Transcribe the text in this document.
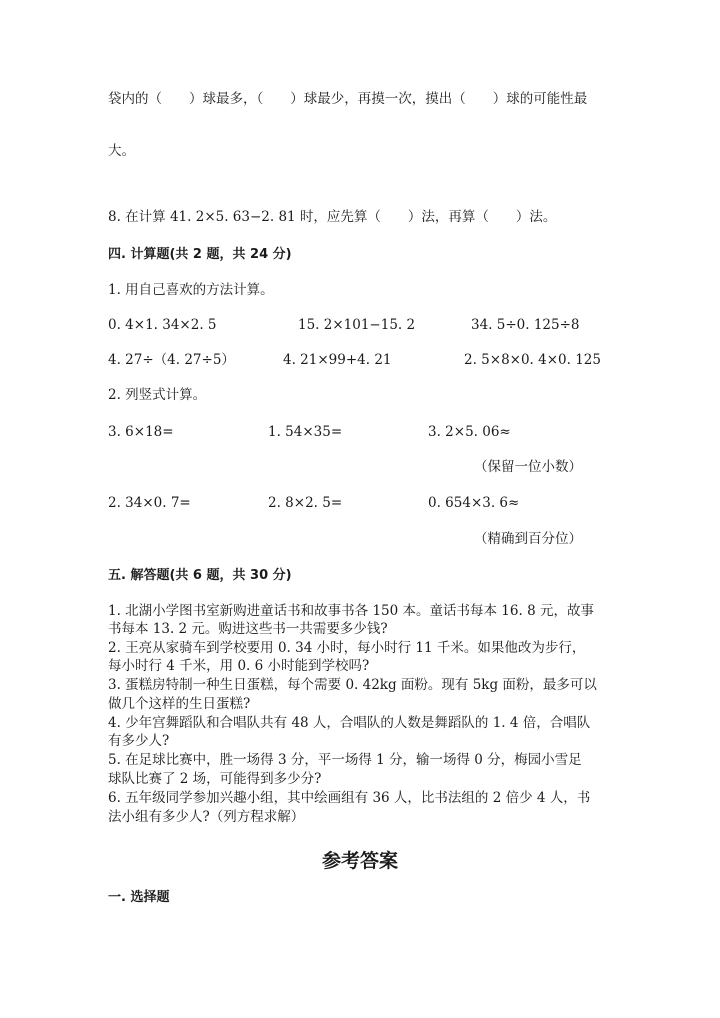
袋内的（　　）球最多，（　　）球最少，再摸一次，摸出（　　）球的可能性最
大。
8. 在计算 41. 2×5. 63−2. 81 时，应先算（　　）法，再算（　　）法。
四. 计算题(共 2 题，共 24 分)
1. 用自己喜欢的方法计算。
0. 4×1. 34×2. 5	15. 2×101−15. 2	34. 5÷0. 125÷8
4. 27÷（4. 27÷5）	4. 21×99+4. 21	2. 5×8×0. 4×0. 125
2. 列竖式计算。
3. 6×18=	1. 54×35=	3. 2×5. 06≈
（保留一位小数）
2. 34×0. 7=	2. 8×2. 5=	0. 654×3. 6≈
（精确到百分位）
五. 解答题(共 6 题，共 30 分)
1. 北湖小学图书室新购进童话书和故事书各 150 本。童话书每本 16. 8 元，故事
书每本 13. 2 元。购进这些书一共需要多少钱?
2. 王亮从家骑车到学校要用 0. 34 小时，每小时行 11 千米。如果他改为步行，
每小时行 4 千米，用 0. 6 小时能到学校吗?
3. 蛋糕房特制一种生日蛋糕，每个需要 0. 42kg 面粉。现有 5kg 面粉，最多可以
做几个这样的生日蛋糕?
4. 少年宫舞蹈队和合唱队共有 48 人，合唱队的人数是舞蹈队的 1. 4 倍，合唱队
有多少人?
5. 在足球比赛中，胜一场得 3 分，平一场得 1 分，输一场得 0 分，梅园小雪足
球队比赛了 2 场，可能得到多少分?
6. 五年级同学参加兴趣小组，其中绘画组有 36 人，比书法组的 2 倍少 4 人，书
法小组有多少人?（列方程求解）
参考答案
一. 选择题
